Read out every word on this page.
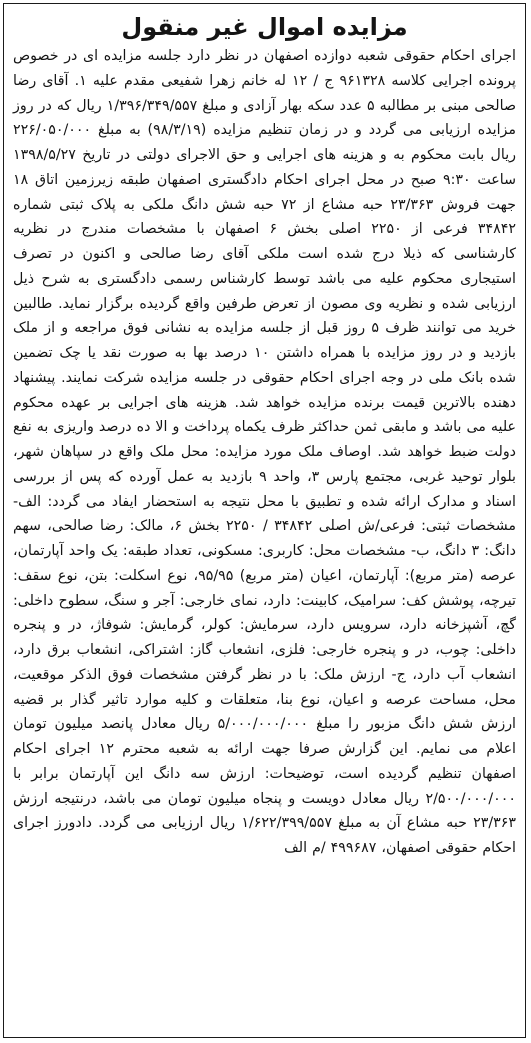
مزایده اموال غیر منقول
اجرای احکام حقوقی شعبه دوازده اصفهان در نظر دارد جلسه مزایده ای در خصوص پرونده اجرایی کلاسه ۹۶۱۳۲۸ ج / ۱۲ له خانم زهرا شفیعی مقدم علیه ۱. آقای رضا صالحی مبنی بر مطالبه ۵ عدد سکه بهار آزادی و مبلغ ۱/۳۹۶/۳۴۹/۵۵۷ ریال که در روز مزایده ارزیابی می گردد و در زمان تنظیم مزایده (۹۸/۳/۱۹) به مبلغ ۲۲۶/۰۵۰/۰۰۰ ریال بابت محکوم به و هزینه های اجرایی و حق الاجرای دولتی در تاریخ ۱۳۹۸/۵/۲۷ ساعت ۹:۳۰ صبح در محل اجرای احکام دادگستری اصفهان طبقه زیرزمین اتاق ۱۸ جهت فروش ۲۳/۳۶۳ حبه مشاع از ۷۲ حبه شش دانگ ملکی به پلاک ثبتی شماره ۳۴۸۴۲ فرعی از ۲۲۵۰ اصلی بخش ۶ اصفهان با مشخصات مندرج در نظریه کارشناسی که ذیلا درج شده است ملکی آقای رضا صالحی و اکنون در تصرف استیجاری محکوم علیه می باشد توسط کارشناس رسمی دادگستری به شرح ذیل ارزیابی شده و نظریه وی مصون از تعرض طرفین واقع گردیده برگزار نماید. طالبین خرید می توانند ظرف ۵ روز قبل از جلسه مزایده به نشانی فوق مراجعه و از ملک بازدید و در روز مزایده با همراه داشتن ۱۰ درصد بها به صورت نقد یا چک تضمین شده بانک ملی در وجه اجرای احکام حقوقی در جلسه مزایده شرکت نمایند. پیشنهاد دهنده بالاترین قیمت برنده مزایده خواهد شد. هزینه های اجرایی بر عهده محکوم علیه می باشد و مابقی ثمن حداکثر ظرف یکماه پرداخت و الا ده درصد واریزی به نفع دولت ضبط خواهد شد. اوصاف ملک مورد مزایده: محل ملک واقع در سپاهان شهر، بلوار توحید غربی، مجتمع پارس ۳، واحد ۹ بازدید به عمل آورده که پس از بررسی اسناد و مدارک ارائه شده و تطبیق با محل نتیجه به استحضار ایفاد می گردد: الف- مشخصات ثبتی: فرعی/ش اصلی ۳۴۸۴۲ / ۲۲۵۰ بخش ۶، مالک: رضا صالحی، سهم دانگ: ۳ دانگ، ب- مشخصات محل: کاربری: مسکونی، تعداد طبقه: یک واحد آپارتمان، عرصه (متر مربع): آپارتمان، اعیان (متر مربع) ۹۵/۹۵، نوع اسکلت: بتن، نوع سقف: تیرچه، پوشش کف: سرامیک، کابینت: دارد، نمای خارجی: آجر و سنگ، سطوح داخلی: گچ، آشپزخانه دارد، سرویس دارد، سرمایش: کولر، گرمایش: شوفاژ، در و پنجره داخلی: چوب، در و پنجره خارجی: فلزی، انشعاب گاز: اشتراکی، انشعاب برق دارد، انشعاب آب دارد، ج- ارزش ملک: با در نظر گرفتن مشخصات فوق الذکر موقعیت، محل، مساحت عرصه و اعیان، نوع بنا، متعلقات و کلیه موارد تاثیر گذار بر قضیه ارزش شش دانگ مزبور را مبلغ ۵/۰۰۰/۰۰۰/۰۰۰ ریال معادل پانصد میلیون تومان اعلام می نمایم. این گزارش صرفا جهت ارائه به شعبه محترم ۱۲ اجرای احکام اصفهان تنظیم گردیده است، توضیحات: ارزش سه دانگ این آپارتمان برابر با ۲/۵۰۰/۰۰۰/۰۰۰ ریال معادل دویست و پنجاه میلیون تومان می باشد، درنتیجه ارزش ۲۳/۳۶۳ حبه مشاع آن به مبلغ ۱/۶۲۲/۳۹۹/۵۵۷ ریال ارزیابی می گردد. دادورز اجرای احکام حقوقی اصفهان، ۴۹۹۶۸۷ /م الف
